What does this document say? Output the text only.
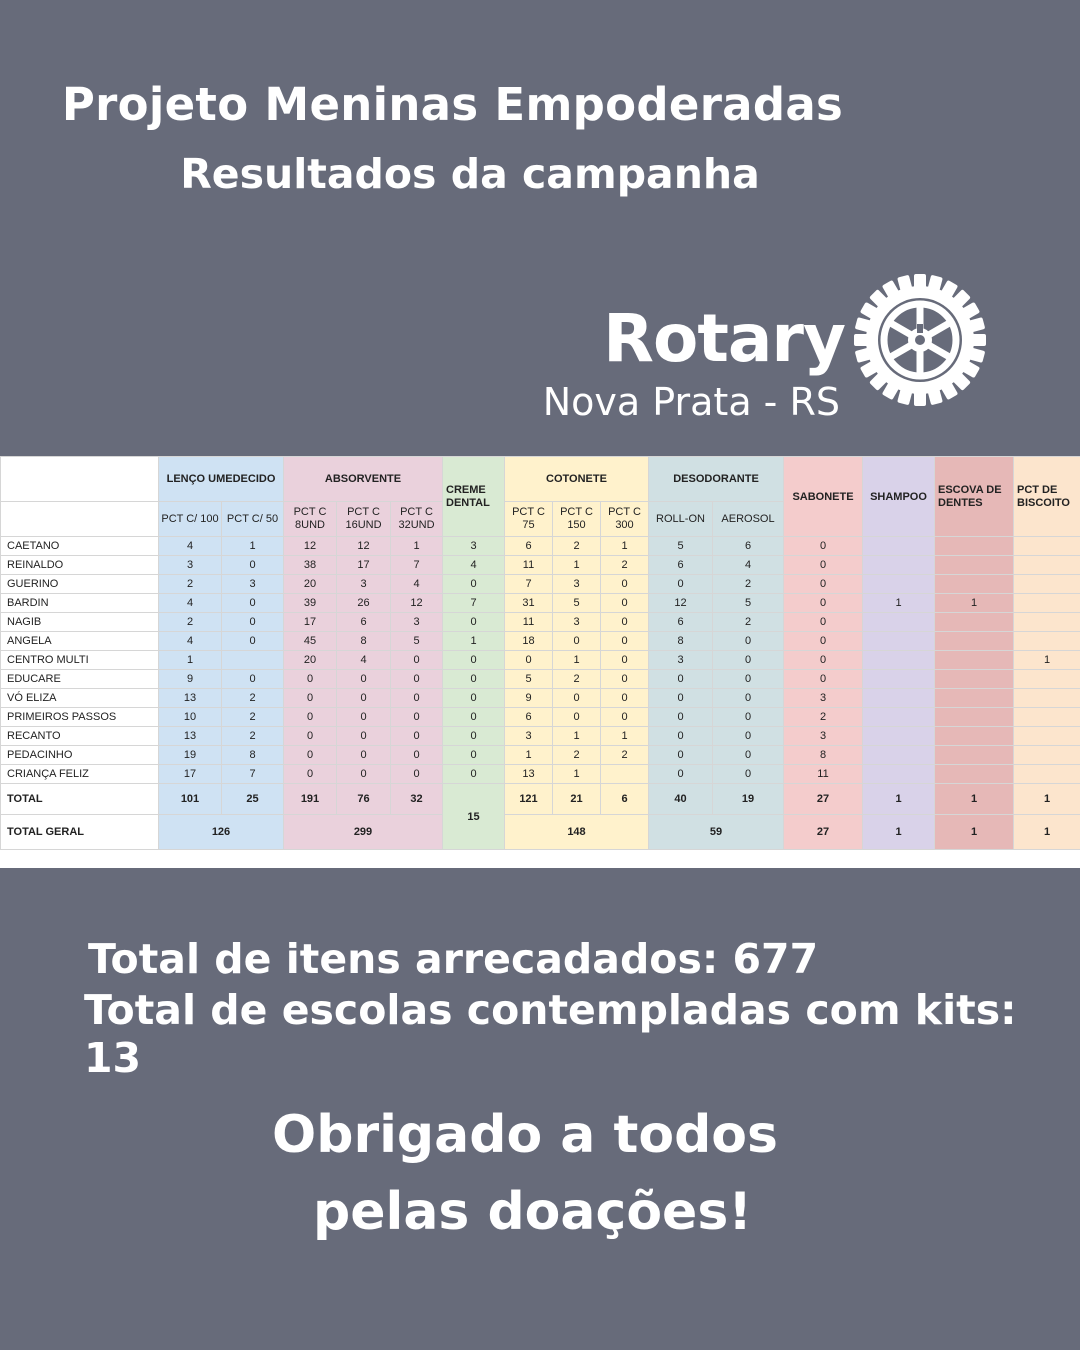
Projeto Meninas Empoderadas
Resultados da campanha
Rotary
Nova Prata - RS
	LENÇO UMEDECIDO		ABSORVENTE			CREME DENTAL	COTONETE			DESODORANTE		SABONETE	SHAMPOO	ESCOVA DE DENTES	PCT DE BISCOITO
	PCT C/ 100	PCT C/ 50	PCT C 8UND	PCT C 16UND	PCT C 32UND		PCT C 75	PCT C 150	PCT C 300	ROLL-ON	AEROSOL				
CAETANO	4	1	12	12	1	3	6	2	1	5	6	0			
REINALDO	3	0	38	17	7	4	11	1	2	6	4	0			
GUERINO	2	3	20	3	4	0	7	3	0	0	2	0			
BARDIN	4	0	39	26	12	7	31	5	0	12	5	0	1	1	
NAGIB	2	0	17	6	3	0	11	3	0	6	2	0			
ANGELA	4	0	45	8	5	1	18	0	0	8	0	0			
CENTRO MULTI	1		20	4	0	0	0	1	0	3	0	0			1
EDUCARE	9	0	0	0	0	0	5	2	0	0	0	0			
VÓ ELIZA	13	2	0	0	0	0	9	0	0	0	0	3			
PRIMEIROS PASSOS	10	2	0	0	0	0	6	0	0	0	0	2			
RECANTO	13	2	0	0	0	0	3	1	1	0	0	3			
PEDACINHO	19	8	0	0	0	0	1	2	2	0	0	8			
CRIANÇA FELIZ	17	7	0	0	0	0	13	1		0	0	11			
TOTAL	101	25	191	76	32	15	121	21	6	40	19	27	1	1	1
TOTAL GERAL	126		299				148			59		27	1	1	1
Total de itens arrecadados: 677
Total de escolas contempladas com kits: 13
Obrigado a todos
pelas doações!
